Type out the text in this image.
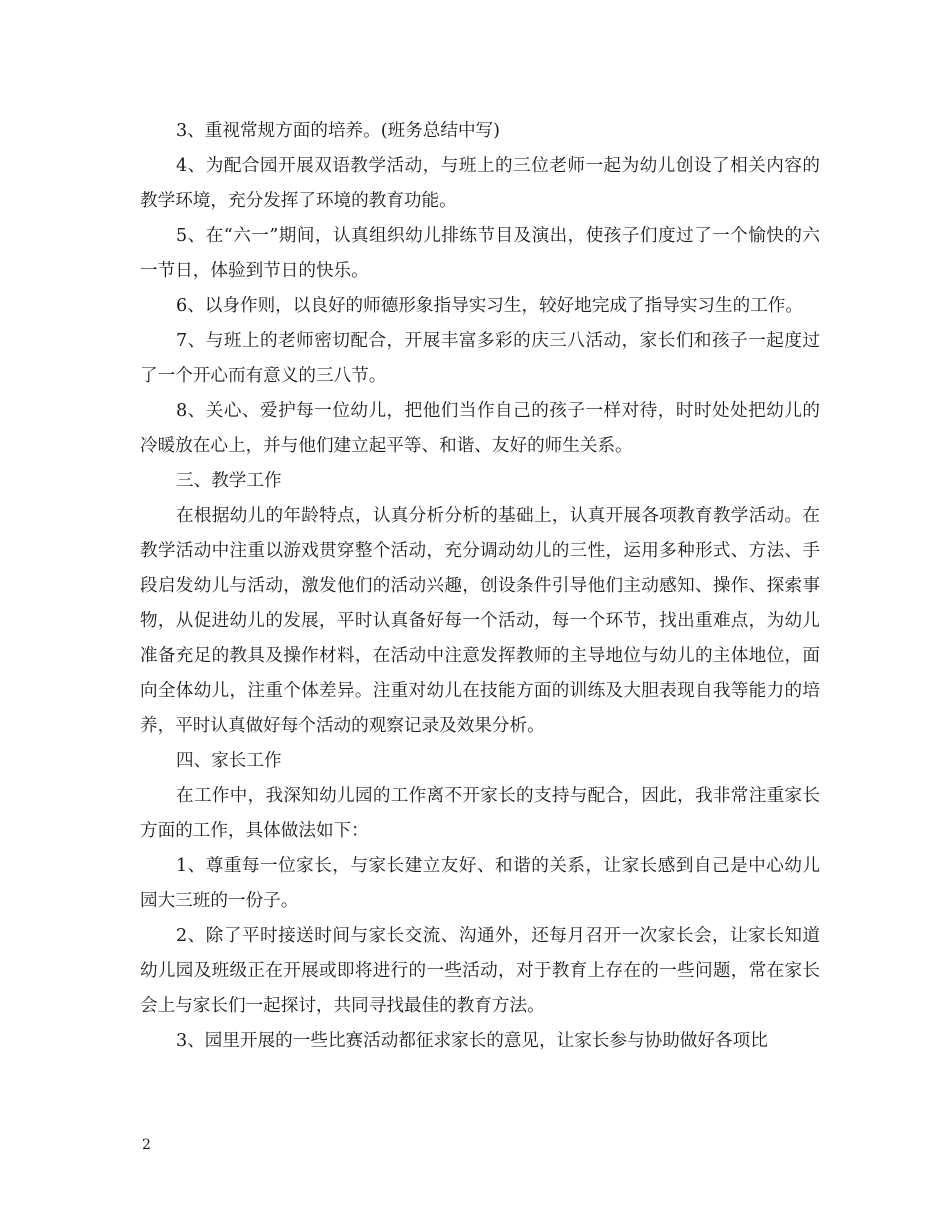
3、重视常规方面的培养。(班务总结中写)

4、为配合园开展双语教学活动，与班上的三位老师一起为幼儿创设了相关内容的教学环境，充分发挥了环境的教育功能。

5、在“六一”期间，认真组织幼儿排练节目及演出，使孩子们度过了一个愉快的六一节日，体验到节日的快乐。

6、以身作则，以良好的师德形象指导实习生，较好地完成了指导实习生的工作。

7、与班上的老师密切配合，开展丰富多彩的庆三八活动，家长们和孩子一起度过了一个开心而有意义的三八节。

8、关心、爱护每一位幼儿，把他们当作自己的孩子一样对待，时时处处把幼儿的冷暖放在心上，并与他们建立起平等、和谐、友好的师生关系。

三、教学工作

在根据幼儿的年龄特点，认真分析分析的基础上，认真开展各项教育教学活动。在教学活动中注重以游戏贯穿整个活动，充分调动幼儿的三性，运用多种形式、方法、手段启发幼儿与活动，激发他们的活动兴趣，创设条件引导他们主动感知、操作、探索事物，从促进幼儿的发展，平时认真备好每一个活动，每一个环节，找出重难点，为幼儿准备充足的教具及操作材料，在活动中注意发挥教师的主导地位与幼儿的主体地位，面向全体幼儿，注重个体差异。注重对幼儿在技能方面的训练及大胆表现自我等能力的培养，平时认真做好每个活动的观察记录及效果分析。

四、家长工作

在工作中，我深知幼儿园的工作离不开家长的支持与配合，因此，我非常注重家长方面的工作，具体做法如下：

1、尊重每一位家长，与家长建立友好、和谐的关系，让家长感到自己是中心幼儿园大三班的一份子。

2、除了平时接送时间与家长交流、沟通外，还每月召开一次家长会，让家长知道幼儿园及班级正在开展或即将进行的一些活动，对于教育上存在的一些问题，常在家长会上与家长们一起探讨，共同寻找最佳的教育方法。

3、园里开展的一些比赛活动都征求家长的意见，让家长参与协助做好各项比

2
